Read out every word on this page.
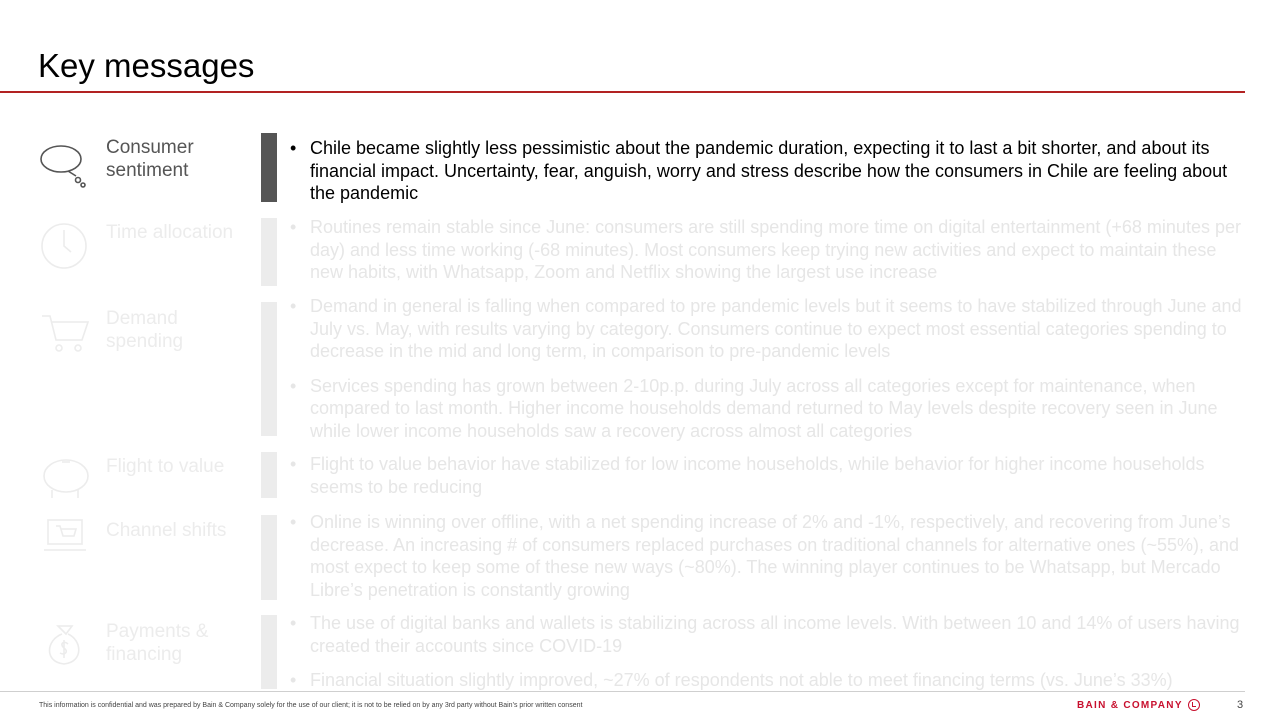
Key messages
Consumer sentiment
• Chile became slightly less pessimistic about the pandemic duration, expecting it to last a bit shorter, and about its financial impact. Uncertainty, fear, anguish, worry and stress describe how the consumers in Chile are feeling about the pandemic
Time allocation	• Routines remain stable since June: consumers are still spending more time on digital entertainment (+68 minutes per day) and less time working (-68 minutes). Most consumers keep trying new activities and expect to maintain these new habits, with Whatsapp, Zoom and Netflix showing the largest use increase
Demand spending
• Demand in general is falling when compared to pre pandemic levels but it seems to have stabilized through June and July vs. May, with results varying by category. Consumers continue to expect most essential categories spending to decrease in the mid and long term, in comparison to pre-pandemic levels
• Services spending has grown between 2-10p.p. during July across all categories except for maintenance, when compared to last month. Higher income households demand returned to May levels despite recovery seen in June while lower income households saw a recovery across almost all categories
Flight to value	• Flight to value behavior have stabilized for low income households, while behavior for higher income households seems to be reducing
Channel shifts	• Online is winning over offline, with a net spending increase of 2% and -1%, respectively, and recovering from June’s decrease. An increasing # of consumers replaced purchases on traditional channels for alternative ones (~55%), and most expect to keep some of these new ways (~80%). The winning player continues to be Whatsapp, but Mercado Libre’s penetration is constantly growing
Payments & financing
• The use of digital banks and wallets is stabilizing across all income levels. With between 10 and 14% of users having created their accounts since COVID-19
• Financial situation slightly improved, ~27% of respondents not able to meet financing terms (vs. June’s 33%)
This information is confidential and was prepared by Bain & Company solely for the use of our client; it is not to be relied on by any 3rd party without Bain’s prior written consent	BAIN & COMPANY	3
